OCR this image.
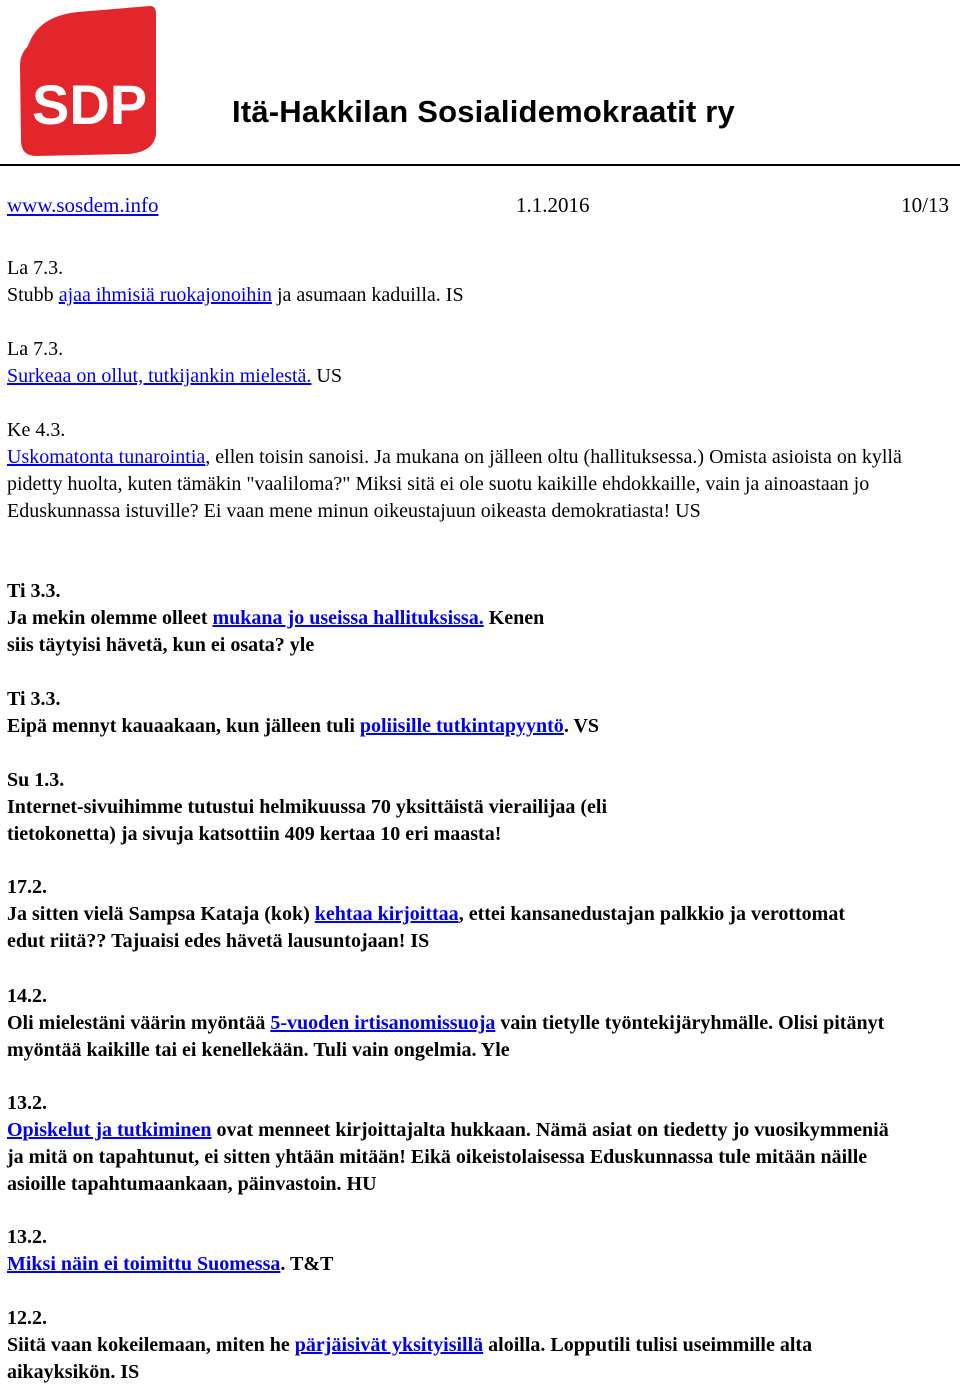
SDP	Itä-Hakkilan Sosialidemokraatit ry
www.sosdem.info	1.1.2016	10/13
La 7.3.
Stubb ajaa ihmisiä ruokajonoihin ja asumaan kaduilla. IS
La 7.3.
Surkeaa on ollut, tutkijankin mielestä. US
Ke 4.3.
Uskomatonta tunarointia, ellen toisin sanoisi. Ja mukana on jälleen oltu (hallituksessa.) Omista asioista on kyllä pidetty huolta, kuten tämäkin "vaaliloma?" Miksi sitä ei ole suotu kaikille ehdokkaille, vain ja ainoastaan jo Eduskunnassa istuville? Ei vaan mene minun oikeustajuun oikeasta demokratiasta! US
Ti 3.3.
Ja mekin olemme olleet mukana jo useissa hallituksissa. Kenen siis täytyisi hävetä, kun ei osata? yle
Ti 3.3.
Eipä mennyt kauaakaan, kun jälleen tuli poliisille tutkintapyyntö. VS
Su 1.3.
Internet-sivuihimme tutustui helmikuussa 70 yksittäistä vierailijaa (eli tietokonetta) ja sivuja katsottiin 409 kertaa 10 eri maasta!
17.2.
Ja sitten vielä Sampsa Kataja (kok) kehtaa kirjoittaa, ettei kansanedustajan palkkio ja verottomat edut riitä?? Tajuaisi edes hävetä lausuntojaan! IS
14.2.
Oli mielestäni väärin myöntää 5-vuoden irtisanomissuoja vain tietylle työntekijäryhmälle. Olisi pitänyt myöntää kaikille tai ei kenellekään. Tuli vain ongelmia. Yle
13.2.
Opiskelut ja tutkiminen ovat menneet kirjoittajalta hukkaan. Nämä asiat on tiedetty jo vuosikymmeniä ja mitä on tapahtunut, ei sitten yhtään mitään! Eikä oikeistolaisessa Eduskunnassa tule mitään näille asioille tapahtumaankaan, päinvastoin. HU
13.2.
Miksi näin ei toimittu Suomessa. T&T
12.2.
Siitä vaan kokeilemaan, miten he pärjäisivät yksityisillä aloilla. Lopputili tulisi useimmille alta aikayksikön. IS
